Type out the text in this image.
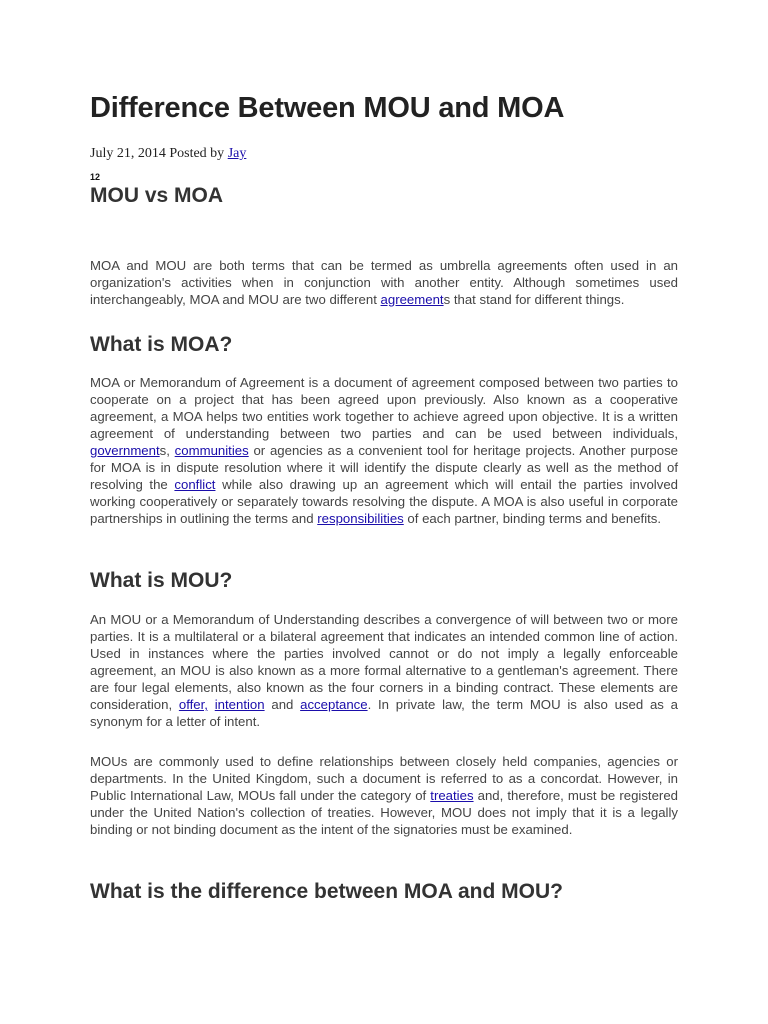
Difference Between MOU and MOA
July 21, 2014 Posted by Jay
12
MOU vs MOA

MOA and MOU are both terms that can be termed as umbrella agreements often used in an organization's activities when in conjunction with another entity. Although sometimes used interchangeably, MOA and MOU are two different agreements that stand for different things.

What is MOA?

MOA or Memorandum of Agreement is a document of agreement composed between two parties to cooperate on a project that has been agreed upon previously. Also known as a cooperative agreement, a MOA helps two entities work together to achieve agreed upon objective. It is a written agreement of understanding between two parties and can be used between individuals, governments, communities or agencies as a convenient tool for heritage projects. Another purpose for MOA is in dispute resolution where it will identify the dispute clearly as well as the method of resolving the conflict while also drawing up an agreement which will entail the parties involved working cooperatively or separately towards resolving the dispute. A MOA is also useful in corporate partnerships in outlining the terms and responsibilities of each partner, binding terms and benefits.

What is MOU?

An MOU or a Memorandum of Understanding describes a convergence of will between two or more parties. It is a multilateral or a bilateral agreement that indicates an intended common line of action. Used in instances where the parties involved cannot or do not imply a legally enforceable agreement, an MOU is also known as a more formal alternative to a gentleman's agreement. There are four legal elements, also known as the four corners in a binding contract. These elements are consideration, offer, intention and acceptance. In private law, the term MOU is also used as a synonym for a letter of intent.

MOUs are commonly used to define relationships between closely held companies, agencies or departments. In the United Kingdom, such a document is referred to as a concordat. However, in Public International Law, MOUs fall under the category of treaties and, therefore, must be registered under the United Nation's collection of treaties. However, MOU does not imply that it is a legally binding or not binding document as the intent of the signatories must be examined.

What is the difference between MOA and MOU?
